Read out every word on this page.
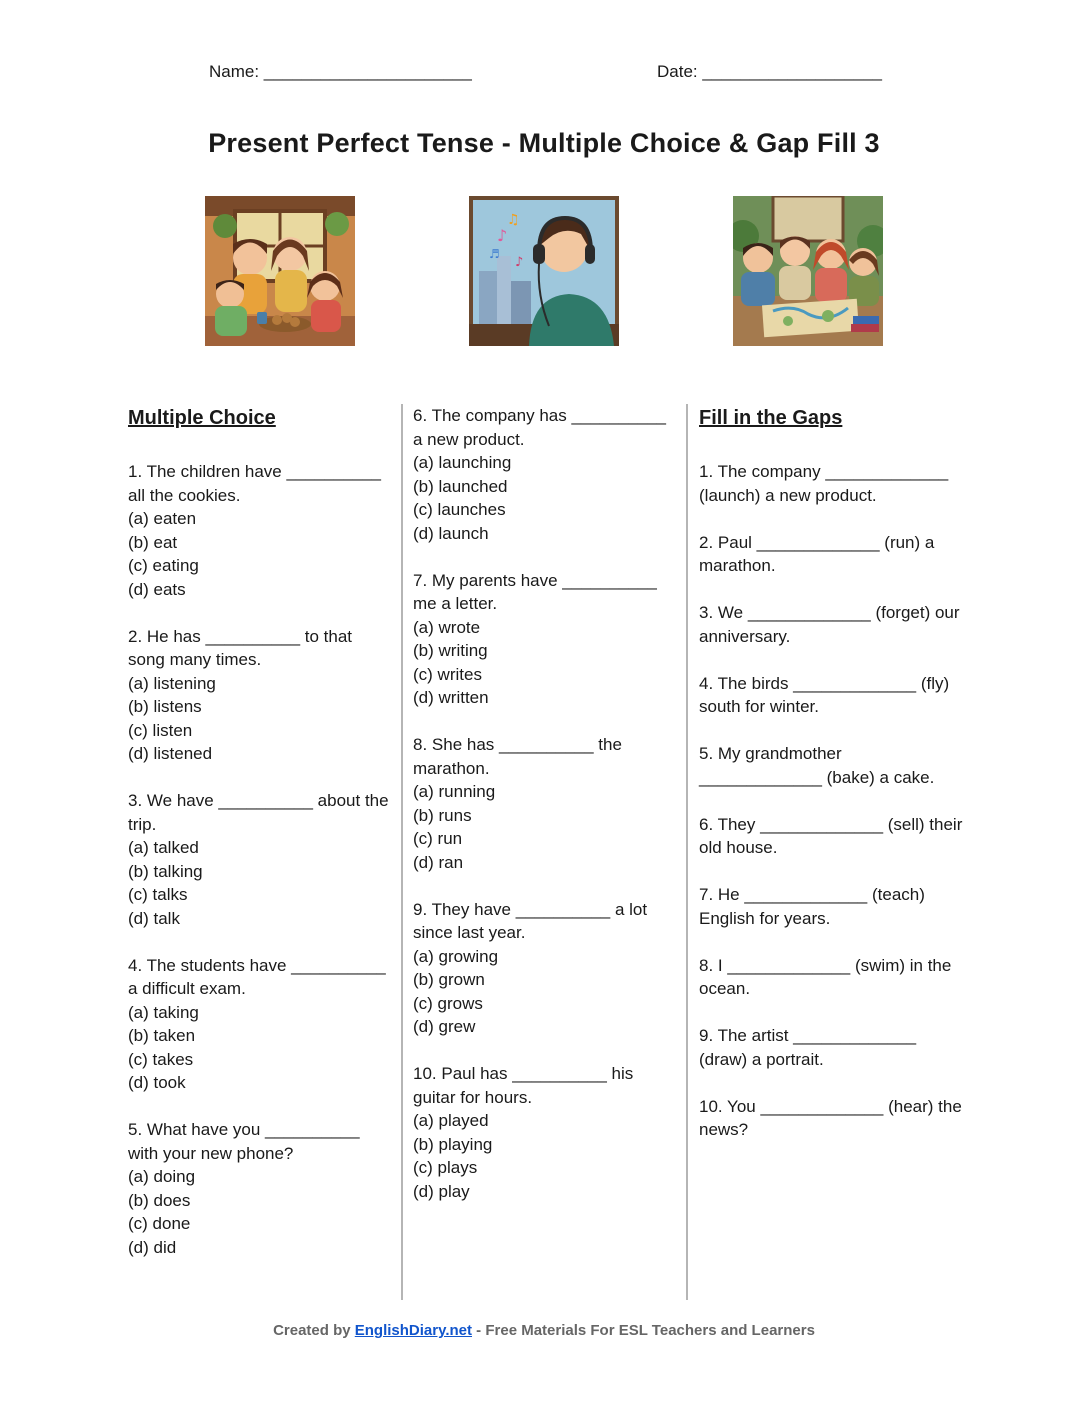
Name: ______________________	Date: ___________________
Present Perfect Tense - Multiple Choice & Gap Fill 3
♪
♫
♪
♬
Multiple Choice

1. The children have __________ all the cookies.

(a) eaten

(b) eat

(c) eating

(d) eats

2. He has __________ to that song many times.

(a) listening

(b) listens

(c) listen

(d) listened

3. We have __________ about the trip.

(a) talked

(b) talking

(c) talks

(d) talk

4. The students have __________ a difficult exam.

(a) taking

(b) taken

(c) takes

(d) took

5. What have you __________ with your new phone?

(a) doing

(b) does

(c) done

(d) did

6. The company has __________ a new product.

(a) launching

(b) launched

(c) launches

(d) launch

7. My parents have __________ me a letter.

(a) wrote

(b) writing

(c) writes

(d) written

8. She has __________ the marathon.

(a) running

(b) runs

(c) run

(d) ran

9. They have __________ a lot since last year.

(a) growing

(b) grown

(c) grows

(d) grew

10. Paul has __________ his guitar for hours.

(a) played

(b) playing

(c) plays

(d) play

Fill in the Gaps

1. The company _____________ (launch) a new product.

2. Paul _____________ (run) a marathon.

3. We _____________ (forget) our anniversary.

4. The birds _____________ (fly) south for winter.

5. My grandmother _____________ (bake) a cake.

6. They _____________ (sell) their old house.

7. He _____________ (teach) English for years.

8. I _____________ (swim) in the ocean.

9. The artist _____________ (draw) a portrait.

10. You _____________ (hear) the news?

Created by EnglishDiary.net - Free Materials For ESL Teachers and Learners
